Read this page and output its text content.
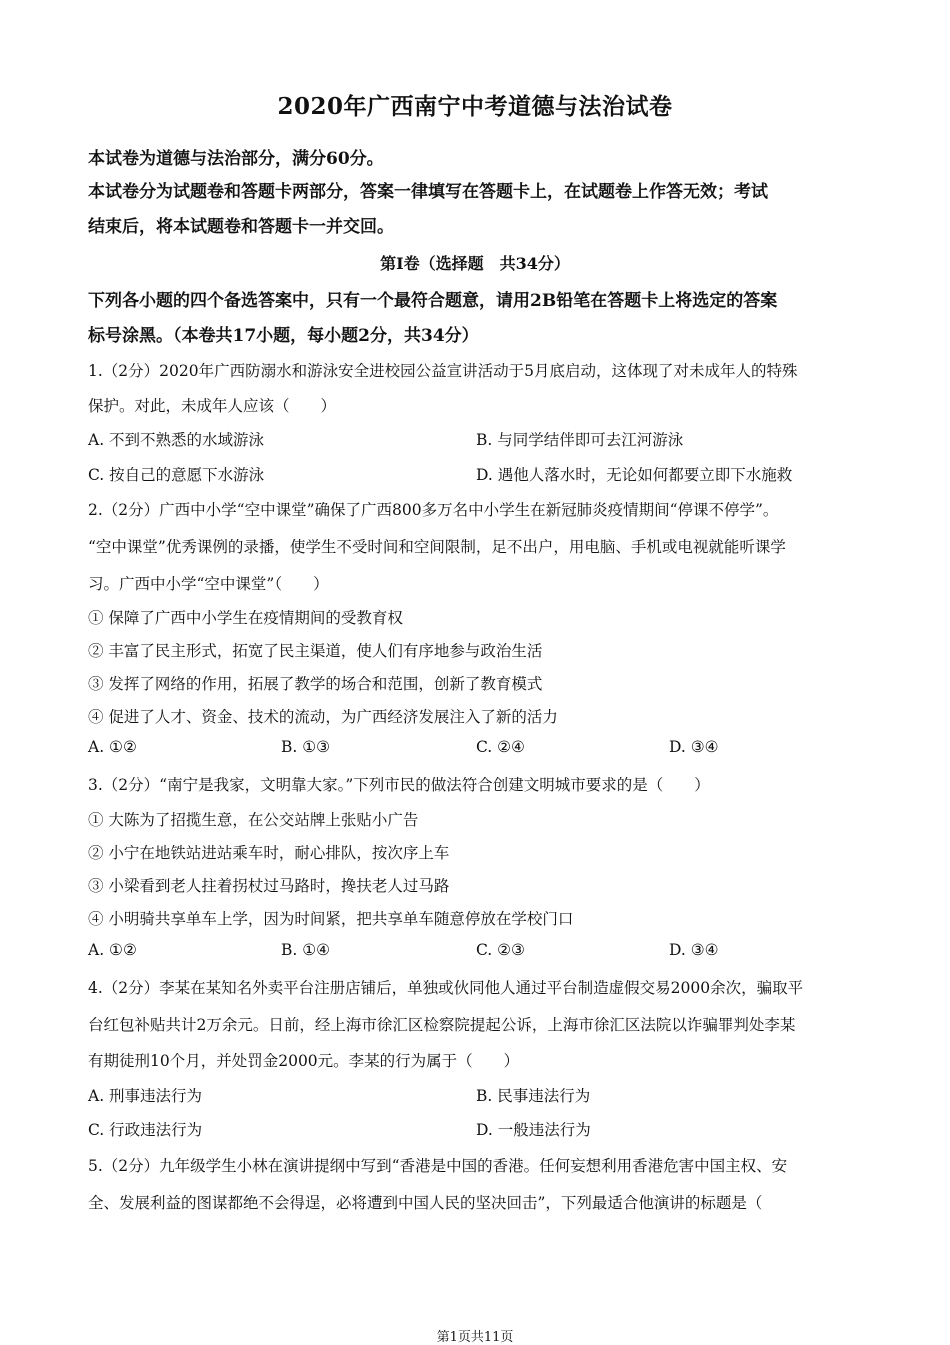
2020年广西南宁中考道德与法治试卷
本试卷为道德与法治部分，满分60分。
本试卷分为试题卷和答题卡两部分，答案一律填写在答题卡上，在试题卷上作答无效；考试
结束后，将本试题卷和答题卡一并交回。
第Ⅰ卷（选择题　共34分）
下列各小题的四个备选答案中，只有一个最符合题意，请用2B铅笔在答题卡上将选定的答案
标号涂黑。（本卷共17小题，每小题2分，共34分）
1.（2分）2020年广西防溺水和游泳安全进校园公益宣讲活动于5月底启动，这体现了对未成年人的特殊
保护。对此，未成年人应该（　　）
A. 不到不熟悉的水域游泳	B. 与同学结伴即可去江河游泳
C. 按自己的意愿下水游泳	D. 遇他人落水时，无论如何都要立即下水施救
2.（2分）广西中小学“空中课堂”确保了广西800多万名中小学生在新冠肺炎疫情期间“停课不停学”。
“空中课堂”优秀课例的录播，使学生不受时间和空间限制，足不出户，用电脑、手机或电视就能听课学
习。广西中小学“空中课堂”（　　）
① 保障了广西中小学生在疫情期间的受教育权
② 丰富了民主形式，拓宽了民主渠道，使人们有序地参与政治生活
③ 发挥了网络的作用，拓展了教学的场合和范围，创新了教育模式
④ 促进了人才、资金、技术的流动，为广西经济发展注入了新的活力
A. ①②	B. ①③	C. ②④	D. ③④
3.（2分）“南宁是我家，文明靠大家。”下列市民的做法符合创建文明城市要求的是（　　）
① 大陈为了招揽生意，在公交站牌上张贴小广告
② 小宁在地铁站进站乘车时，耐心排队，按次序上车
③ 小梁看到老人拄着拐杖过马路时，搀扶老人过马路
④ 小明骑共享单车上学，因为时间紧，把共享单车随意停放在学校门口
A. ①②	B. ①④	C. ②③	D. ③④
4.（2分）李某在某知名外卖平台注册店铺后，单独或伙同他人通过平台制造虚假交易2000余次，骗取平
台红包补贴共计2万余元。日前，经上海市徐汇区检察院提起公诉，上海市徐汇区法院以诈骗罪判处李某
有期徒刑10个月，并处罚金2000元。李某的行为属于（　　）
A. 刑事违法行为	B. 民事违法行为
C. 行政违法行为	D. 一般违法行为
5.（2分）九年级学生小林在演讲提纲中写到“香港是中国的香港。任何妄想利用香港危害中国主权、安
全、发展利益的图谋都绝不会得逞，必将遭到中国人民的坚决回击”，下列最适合他演讲的标题是（
第1页共11页
